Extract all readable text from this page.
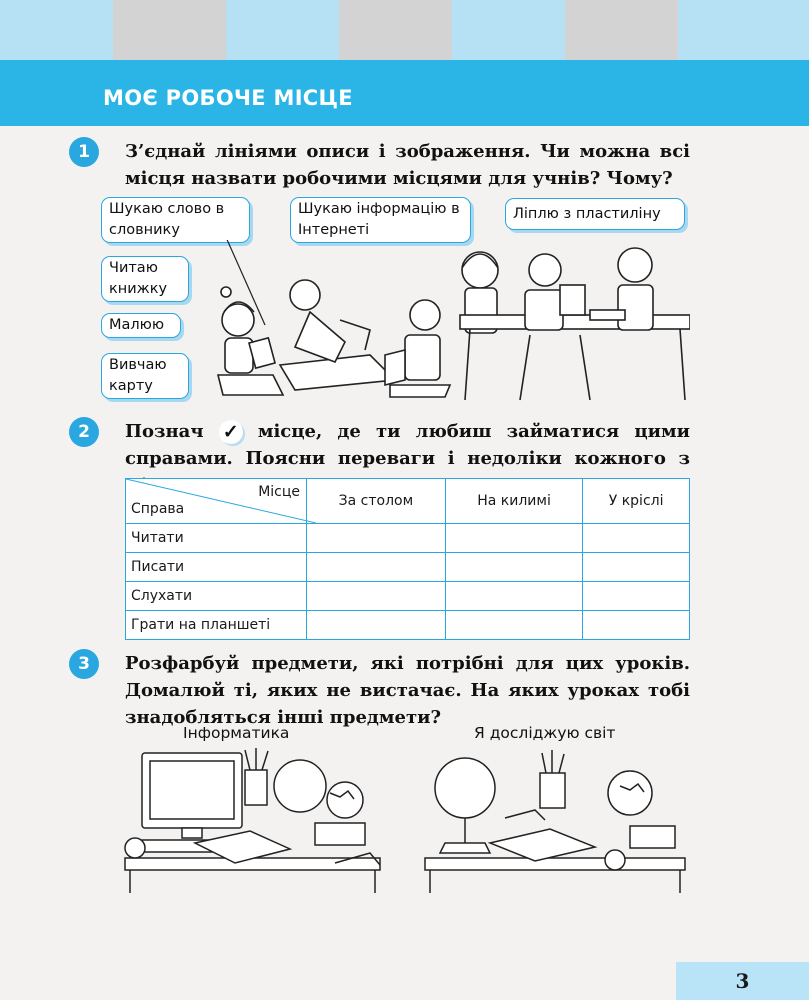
МОЄ РОБОЧЕ МІСЦЕ
1	З’єднай лініями описи і зображення. Чи можна всі місця назвати робочими місцями для учнів? Чому?
Шукаю слово в словнику
Шукаю інформацію в Інтернеті
Ліплю з пластиліну
Читаю книжку
Малюю
Вивчаю карту
2	Познач ✓ місце, де ти любиш займатися цими справами. Поясни переваги і недоліки кожного з
Місце
Справа	За столом	На килимі	У кріслі
Читати			
Писати			
Слухати			
Грати на планшеті			
3	Розфарбуй предмети, які потрібні для цих уроків. Домалюй ті, яких не вистачає. На яких уроках тобі знадобляться інші предмети?
Інформатика	Я досліджую світ
3
